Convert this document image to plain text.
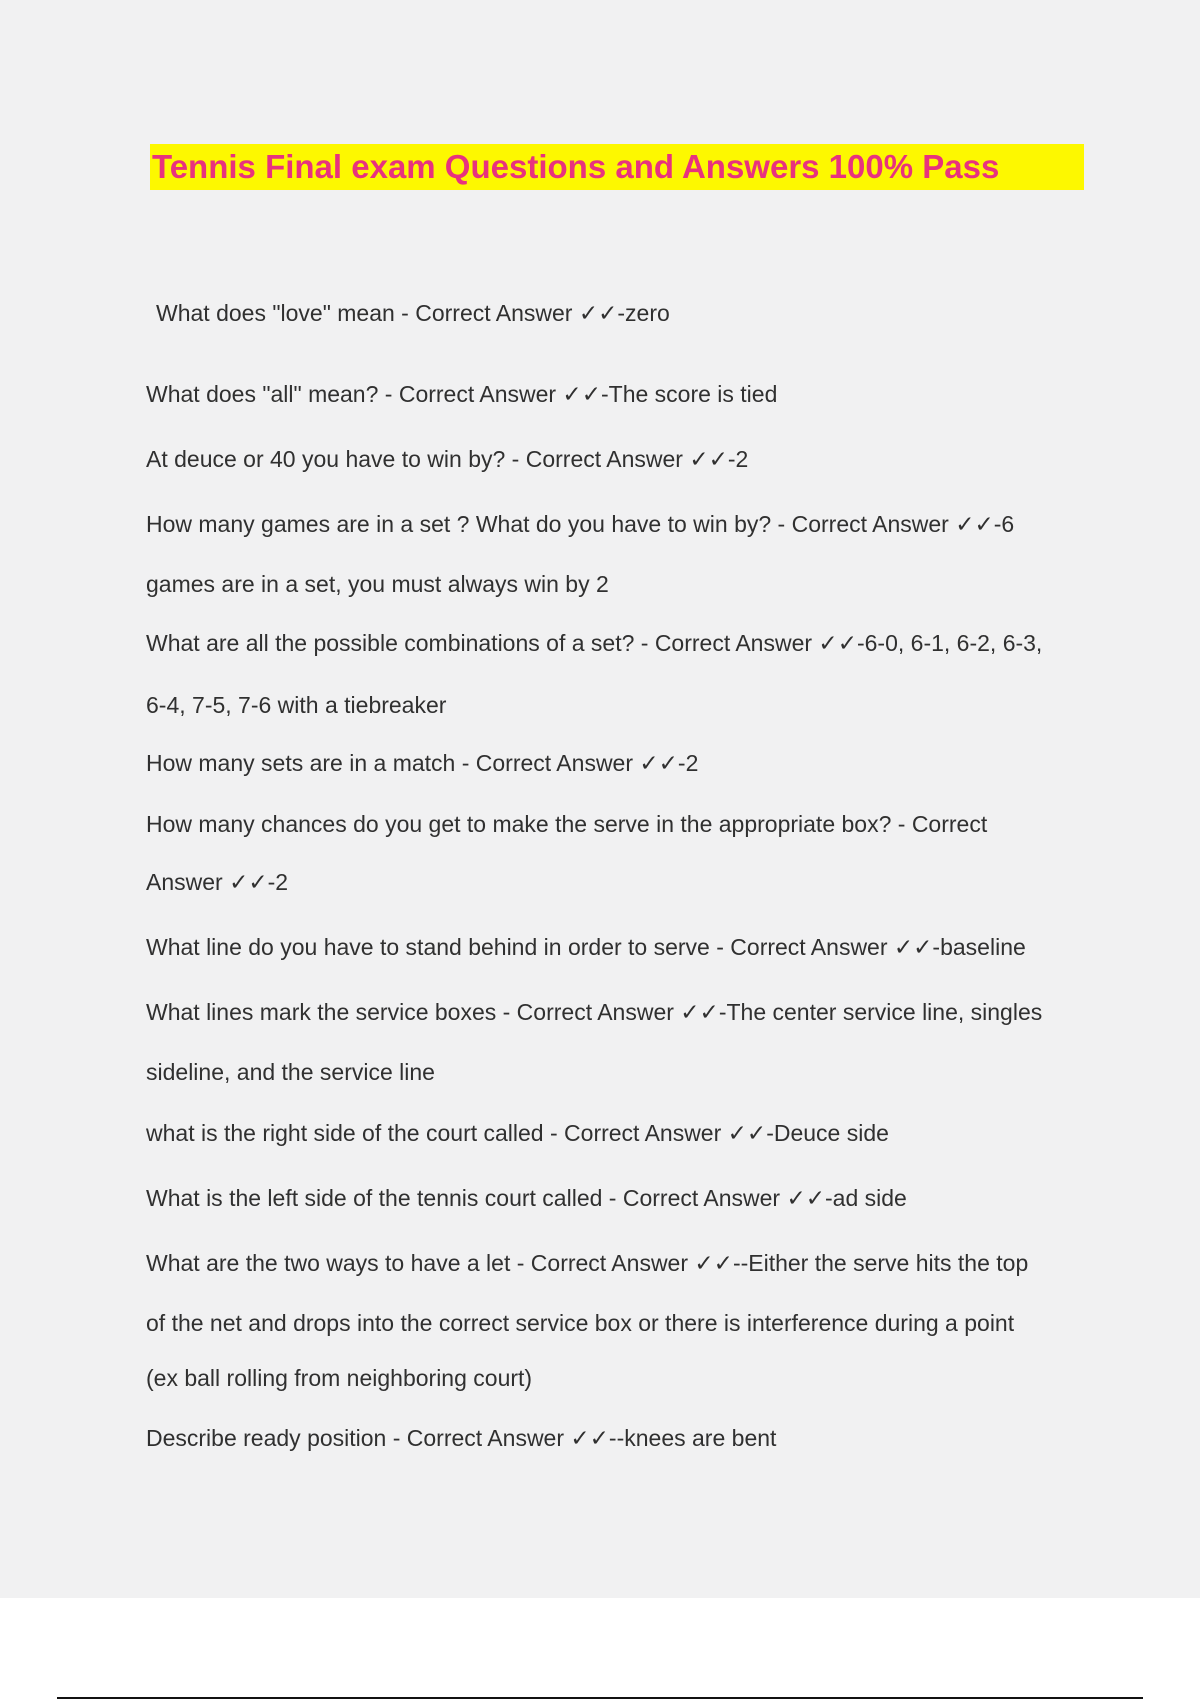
Tennis Final exam Questions and Answers 100% Pass
What does "love" mean - Correct Answer ✓✓-zero
What does "all" mean? - Correct Answer ✓✓-The score is tied
At deuce or 40 you have to win by? - Correct Answer ✓✓-2
How many games are in a set ? What do you have to win by? - Correct Answer ✓✓-6
games are in a set, you must always win by 2
What are all the possible combinations of a set? - Correct Answer ✓✓-6-0, 6-1, 6-2, 6-3,
6-4, 7-5, 7-6 with a tiebreaker
How many sets are in a match - Correct Answer ✓✓-2
How many chances do you get to make the serve in the appropriate box? - Correct
Answer ✓✓-2
What line do you have to stand behind in order to serve - Correct Answer ✓✓-baseline
What lines mark the service boxes - Correct Answer ✓✓-The center service line, singles
sideline, and the service line
what is the right side of the court called - Correct Answer ✓✓-Deuce side
What is the left side of the tennis court called - Correct Answer ✓✓-ad side
What are the two ways to have a let - Correct Answer ✓✓--Either the serve hits the top
of the net and drops into the correct service box or there is interference during a point
(ex ball rolling from neighboring court)
Describe ready position - Correct Answer ✓✓--knees are bent
